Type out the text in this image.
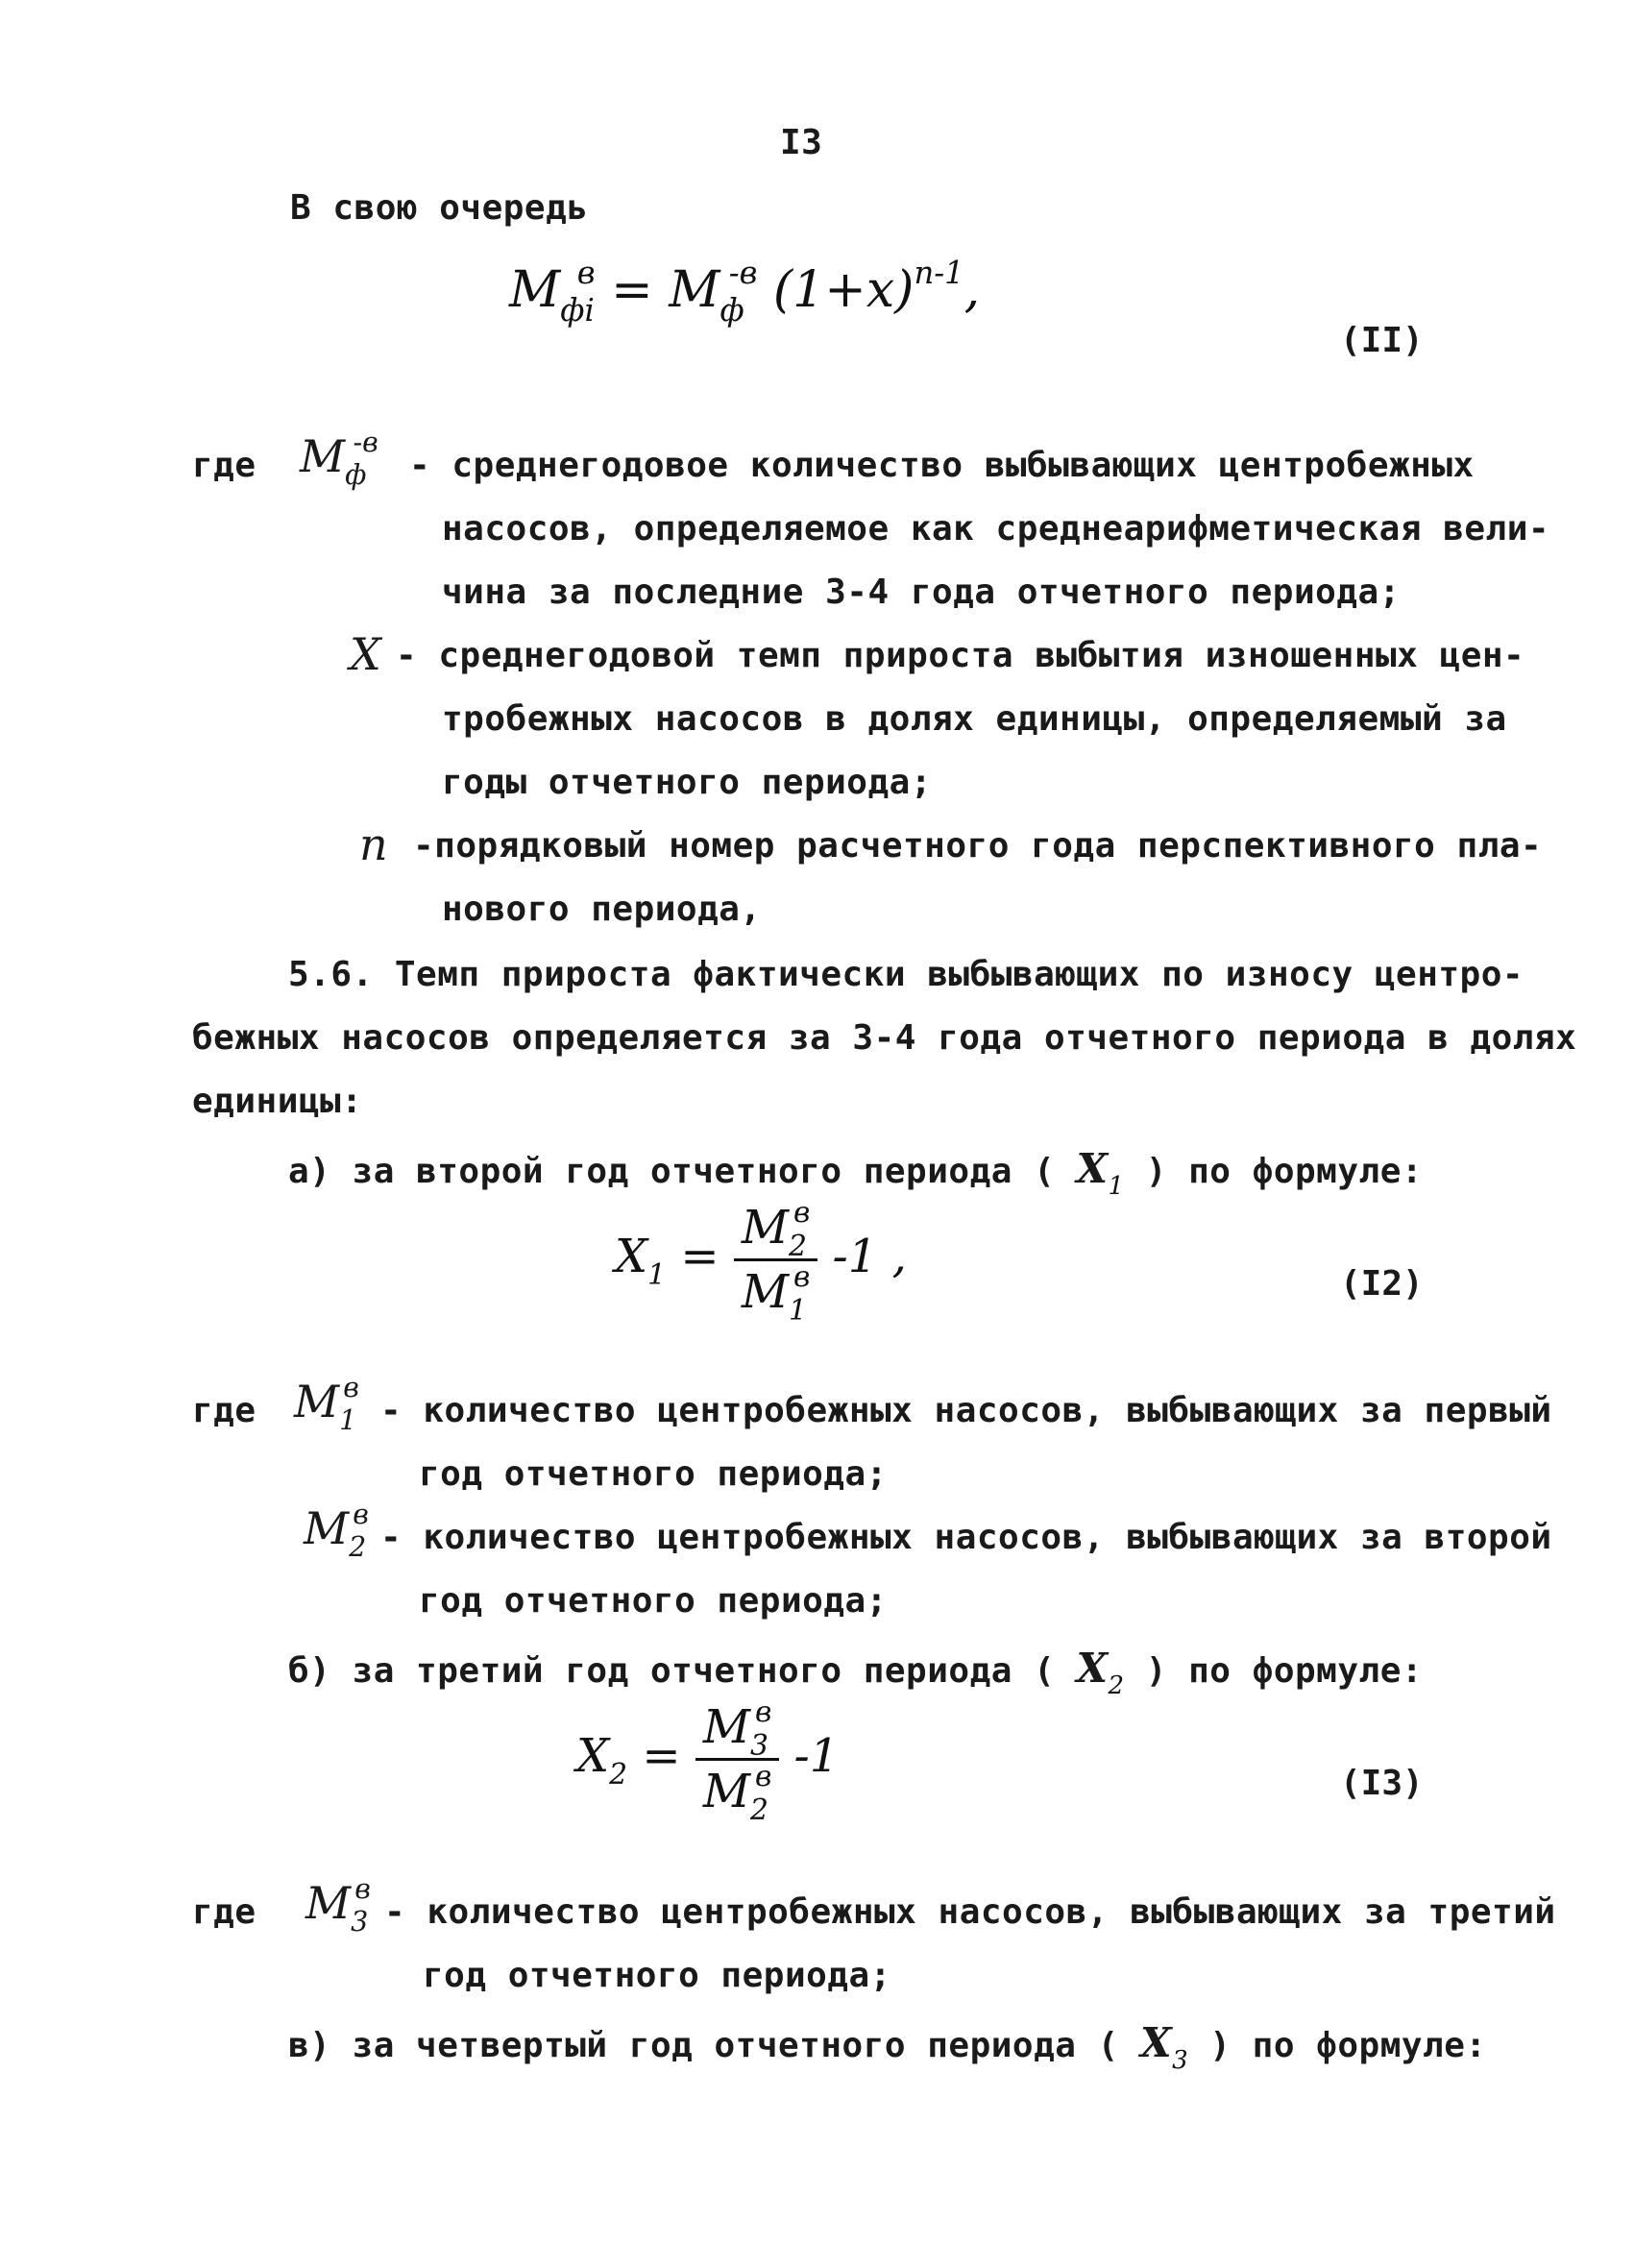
I3
В свою очередь
$M_{фi}^в = M_ф^{-в}$ $(1+x)^{n-1}$,
(II)
где $M_ф^{-в}$
- среднегодовое количество выбывающих центробежных
насосов, определяемое как среднеарифметическая вели-
чина за последние 3-4 года отчетного периода;
X - среднегодовой темп прироста выбытия изношенных цен-
тробежных насосов в долях единицы, определяемый за
годы отчетного периода;
n -порядковый номер расчетного года перспективного пла-
нового периода,
5.6. Темп прироста фактически выбывающих по износу центро-
бежных насосов определяется за 3-4 года отчетного периода в долях
единицы:
а) за второй год отчетного периода ( $X_1$ ) по формуле:
$X_1 = \frac{M_2^в}{M_1^в} -1$ ,
(I2)
где $M_1^в$
- количество центробежных насосов, выбывающих за первый
год отчетного периода;
$M_2^в$
- количество центробежных насосов, выбывающих за второй
год отчетного периода;
б) за третий год отчетного периода ( $X_2$ ) по формуле:
$X_2 = \frac{M_3^в}{M_2^в} -1$
(I3)
где $M_3^в$
- количество центробежных насосов, выбывающих за третий
год отчетного периода;
в) за четвертый год отчетного периода ( $X_3$ ) по формуле:
